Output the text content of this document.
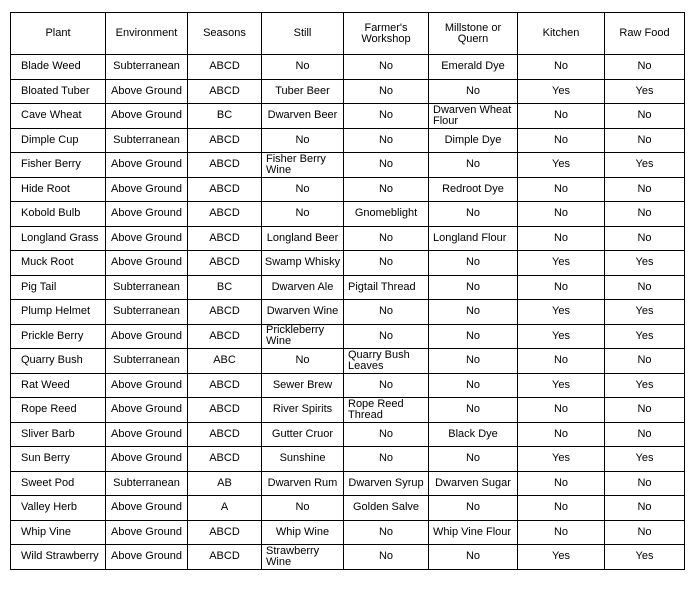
Plant	Environment	Seasons	Still	Farmer's Workshop	Millstone or Quern	Kitchen	Raw Food
Blade Weed	Subterranean	ABCD	No	No	Emerald Dye	No	No
Bloated Tuber	Above Ground	ABCD	Tuber Beer	No	No	Yes	Yes
Cave Wheat	Above Ground	BC	Dwarven Beer	No	Dwarven Wheat Flour	No	No
Dimple Cup	Subterranean	ABCD	No	No	Dimple Dye	No	No
Fisher Berry	Above Ground	ABCD	Fisher Berry Wine	No	No	Yes	Yes
Hide Root	Above Ground	ABCD	No	No	Redroot Dye	No	No
Kobold Bulb	Above Ground	ABCD	No	Gnomeblight	No	No	No
Longland Grass	Above Ground	ABCD	Longland Beer	No	Longland Flour	No	No
Muck Root	Above Ground	ABCD	Swamp Whisky	No	No	Yes	Yes
Pig Tail	Subterranean	BC	Dwarven Ale	Pigtail Thread	No	No	No
Plump Helmet	Subterranean	ABCD	Dwarven Wine	No	No	Yes	Yes
Prickle Berry	Above Ground	ABCD	Prickleberry Wine	No	No	Yes	Yes
Quarry Bush	Subterranean	ABC	No	Quarry Bush Leaves	No	No	No
Rat Weed	Above Ground	ABCD	Sewer Brew	No	No	Yes	Yes
Rope Reed	Above Ground	ABCD	River Spirits	Rope Reed Thread	No	No	No
Sliver Barb	Above Ground	ABCD	Gutter Cruor	No	Black Dye	No	No
Sun Berry	Above Ground	ABCD	Sunshine	No	No	Yes	Yes
Sweet Pod	Subterranean	AB	Dwarven Rum	Dwarven Syrup	Dwarven Sugar	No	No
Valley Herb	Above Ground	A	No	Golden Salve	No	No	No
Whip Vine	Above Ground	ABCD	Whip Wine	No	Whip Vine Flour	No	No
Wild Strawberry	Above Ground	ABCD	Strawberry Wine	No	No	Yes	Yes
